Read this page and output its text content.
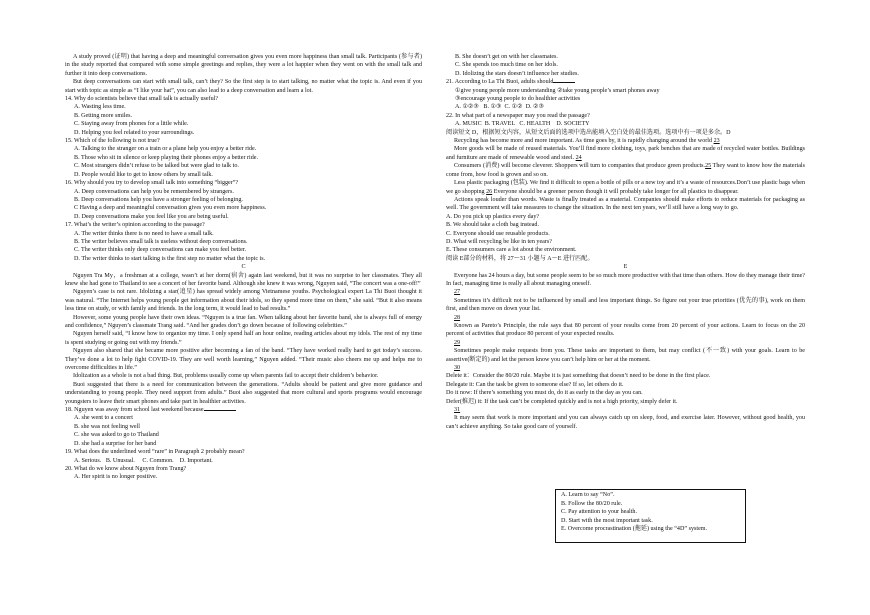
A study proved (证明) that having a deep and meaningful conversation gives you even more happiness than small talk. Participants (参与者) in the study reported that compared with some simple greetings and replies, they were a lot happier when they went on with the small talk and further it into deep conversations.

But deep conversations can start with small talk, can’t they? So the first step is to start talking, no matter what the topic is. And even if you start with topic as simple as “I like your hat”, you can also lead to a deep conversation and learn a lot.

14. Why do scientists believe that small talk is actually useful?

A. Wasting less time.

B. Getting more smiles.

C. Staying away from phones for a little while.

D. Helping you feel related to your surroundings.

15. Which of the following is not true?

A. Talking to the stranger on a train or a plane help you enjoy a better ride.

B. Those who sit in silence or keep playing their phones enjoy a better ride.

C. Most strangers didn’t refuse to be talked but were glad to talk to.

D. People would like to get to know others by small talk.

16. Why should you try to develop small talk into something “bigger”?

A. Deep conversations can help you be remembered by strangers.

B. Deep conversations help you have a stronger feeling of belonging.

C Having a deep and meaningful conversation gives you even more happiness.

D. Deep conversations make you feel like you are being useful.

17. What’s the writer’s opinion according to the passage?

A. The writer thinks there is no need to have a small talk.

B. The writer believes small talk is useless without deep conversations.

C. The writer thinks only deep conversations can make you feel better.

D. The writer thinks to start talking is the first step no matter what the topic is.

C

Nguyen Tra My，a freshman at a college, wasn’t at her dorm(宿舍) again last weekend, but it was no surprise to her classmates. They all knew she had gone to Thailand to see a concert of her favorite band. Although she knew it was wrong, Nguyen said, “The concert was a one-off!”

Nguyen’s case is not rare. Idolizing a star(追星) has spread widely among Vietnamese youths. Psychological expert La Thi Buoi thought it was natural. “The Internet helps young people get information about their idols, so they spend more time on them,” she said. “But it also means less time on study, or with family and friends. In the long term, it would lead to bad results.”

However, some young people have their own ideas. “Nguyen is a true fan. When talking about her favorite band, she is always full of energy and confidence,” Nguyen’s classmate Trang said. “And her grades don’t go down because of following celebrities.”

Nguyen herself said, “I know how to organize my time. I only spend half an hour online, reading articles about my idols. The rest of my time is spent studying or going out with my friends.”

Nguyen also shared that she became more positive after becoming a fan of the band. “They have worked really hard to get today’s success. They’ve done a lot to help fight COVID-19. They are well worth learning,” Nguyen added. “Their music also cheers me up and helps me to overcome difficulties in life.”

Idolization as a whole is not a bad thing. But, problems usually come up when parents fail to accept their children’s behavior.

Buoi suggested that there is a need for communication between the generations. “Adults should be patient and give more guidance and understanding to young people. They need support from adults.” Buoi also suggested that more cultural and sports programs would encourage youngsters to leave their smart phones and take part in healthier activities.

18. Nguyen was away from school last weekend because

A. she went to a concert

B. she was not feeling well

C. she was asked to go to Thailand

D. she had a surprise for her band

19. What does the underlined word “rare” in Paragraph 2 probably mean?

A. Serious.   B. Unusual.     C. Common.    D. Important.

20. What do we know about Nguyen from Trang?

A. Her spirit is no longer positive.

B. She doesn’t get on with her classmates.

C. She spends too much time on her idols.

D. Idolizing the stars doesn’t influence her studies.

21. According to La Thi Buoi, adults should

①give young people more understanding ②take young people’s smart phones away

③encourage young people to do healthier activities

A. ①②③   B. ①③  C. ①②  D. ②③

22. In what part of a newspaper may you read the passage?

A. MUSIC  B. TRAVEL   C. HEALTH    D. SOCIETY

阅读短文 D，根据短文内容，从短文后面的选项中选出能填入空白处的最佳选项。选项中有一项是多余。D

Recycling has become more and more important. As time goes by, it is rapidly changing around the world 23

More goods will be made of reused materials. You’ll find more clothing, toys, park benches that are made of recycled water bottles. Buildings and furniture are made of renewable wood and steel. 24

Consumers (消费) will become cleverer. Shoppers will turn to companies that produce green products.25 They want to know how the materials come from, how food is grown and so on.

Less plastic packaging (包装). We find it difficult to open a bottle of pills or a new toy and it’s a waste of resources.Don’t use plastic bags when we go shopping 26 Everyone should be a greener person though it will probably take longer for all plastics to disappear.

Actions speak louder than words. Waste is finally treated as a material. Companies should make efforts to reduce materials for packaging as well. The government will take measures to change the situation. In the next ten years, we’ll still have a long way to go.

A. Do you pick up plastics every day?

B. We should take a cloth bag instead.

C. Everyone should use reusable products.

D. What will recycling be like in ten years?

E. These consumers care a lot about the environment.

阅读 E部分的材料，将 27～31 小题与 A～E 进行匹配。

E

Everyone has 24 hours a day, but some people seem to be so much more productive with that time than others. How do they manage their time? In fact, managing time is really all about managing oneself.

27

Sometimes it’s difficult not to be influenced by small and less important things. So figure out your true priorities (优先的事), work on them first, and then move on down your list.

28

Known as Pareto’s Principle, the rule says that 80 percent of your results come from 20 percent of your actions. Learn to focus on the 20 percent of activities that produce 80 percent of your expected results.

29

Sometimes people make requests from you. These tasks are important to them, but may conflict (不一致) with your goals. Learn to be assertive(断定的) and let the person know you can’t help him or her at the moment.

30

Delete it：Consider the 80/20 rule. Maybe it is just something that doesn’t need to be done in the first place.

Delegate it: Can the task be given to someone else? If so, let others do it.

Do it now: If there’s something you must do, do it as early in the day as you can.

Defer(推迟) it: If the task can’t be completed quickly and is not a high priority, simply defer it.

31

It may seem that work is more important and you can always catch up on sleep, food, and exercise later. However, without good health, you can’t achieve anything. So take good care of yourself.

A. Learn to say “No”.
B. Follow the 80/20 rule.
C. Pay attention to your health.
D. Start with the most important task.
E. Overcome procrastination (拖延) using the “4D” system.
